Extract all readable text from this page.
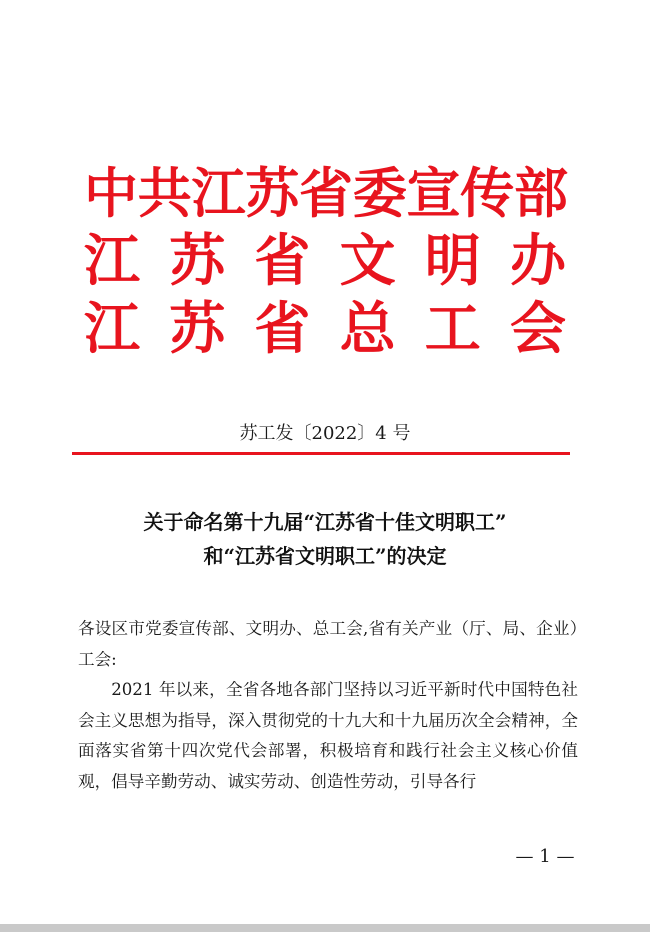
中 共 江 苏 省 委 宣 传 部
江 苏 省 文 明 办
江 苏 省 总 工 会
苏工发〔2022〕4 号
关于命名第十九届“江苏省十佳文明职工”
和“江苏省文明职工”的决定

各设区市党委宣传部、文明办、总工会,省有关产业（厅、局、企业）工会:

2021 年以来，全省各地各部门坚持以习近平新时代中国特色社会主义思想为指导，深入贯彻党的十九大和十九届历次全会精神，全面落实省第十四次党代会部署，积极培育和践行社会主义核心价值观，倡导辛勤劳动、诚实劳动、创造性劳动，引导各行

— 1 —
